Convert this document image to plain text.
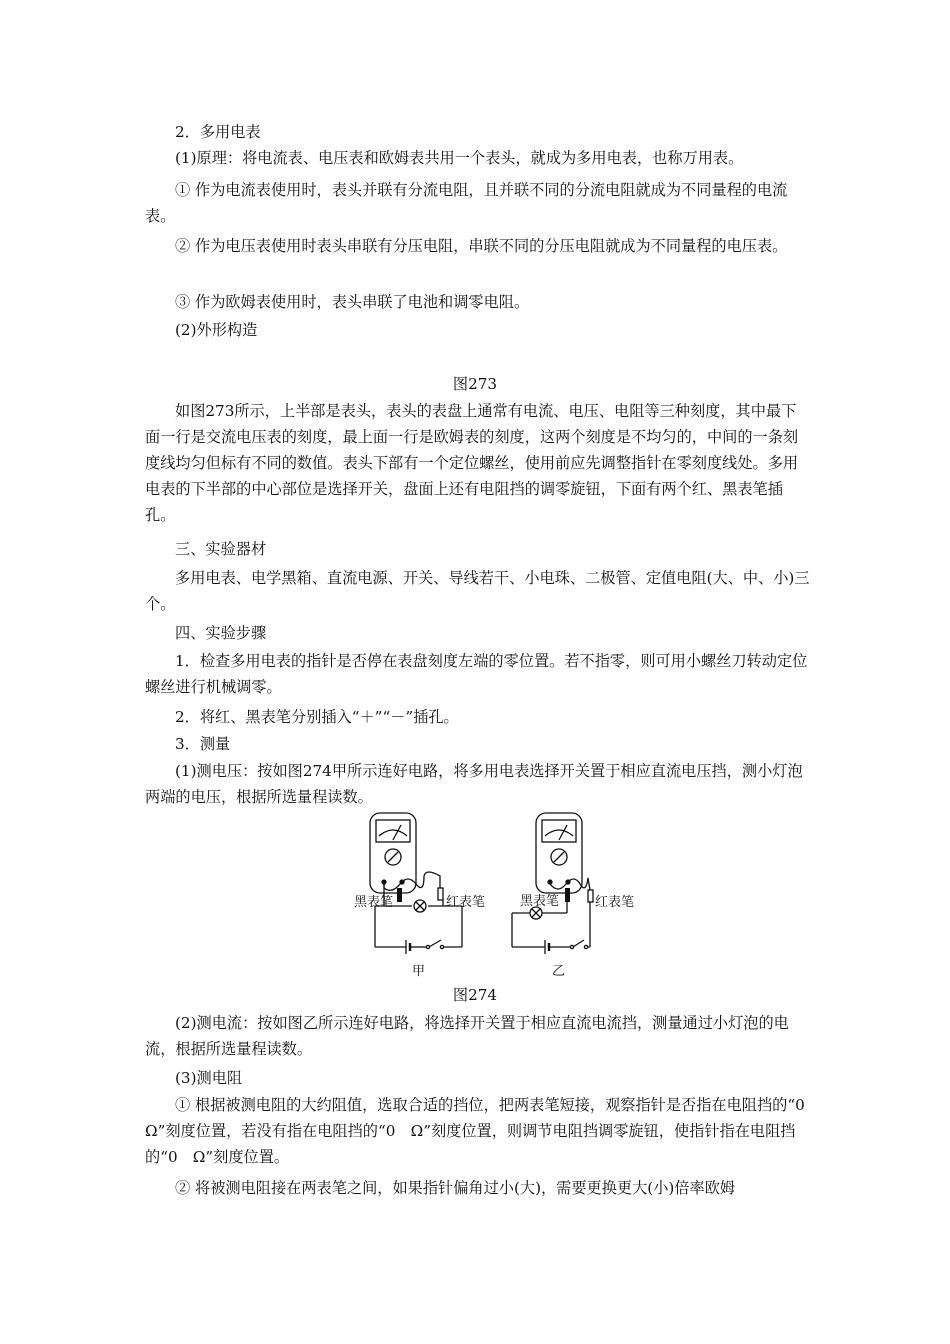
2．多用电表

(1)原理：将电流表、电压表和欧姆表共用一个表头，就成为多用电表，也称万用表。

① 作为电流表使用时，表头并联有分流电阻，且并联不同的分流电阻就成为不同量程的电流表。

② 作为电压表使用时表头串联有分压电阻，串联不同的分压电阻就成为不同量程的电压表。

③ 作为欧姆表使用时，表头串联了电池和调零电阻。

(2)外形构造

图273

如图273所示，上半部是表头，表头的表盘上通常有电流、电压、电阻等三种刻度，其中最下面一行是交流电压表的刻度，最上面一行是欧姆表的刻度，这两个刻度是不均匀的，中间的一条刻度线均匀但标有不同的数值。表头下部有一个定位螺丝，使用前应先调整指针在零刻度线处。多用电表的下半部的中心部位是选择开关，盘面上还有电阻挡的调零旋钮，下面有两个红、黑表笔插孔。

三、实验器材

多用电表、电学黑箱、直流电源、开关、导线若干、小电珠、二极管、定值电阻(大、中、小)三个。

四、实验步骤

1．检查多用电表的指针是否停在表盘刻度左端的零位置。若不指零，则可用小螺丝刀转动定位螺丝进行机械调零。

2．将红、黑表笔分别插入“＋”“－”插孔。

3．测量

(1)测电压：按如图274甲所示连好电路，将多用电表选择开关置于相应直流电压挡，测小灯泡两端的电压，根据所选量程读数。

黑表笔	红表笔
甲
黑表笔	红表笔
乙

图274

(2)测电流：按如图乙所示连好电路，将选择开关置于相应直流电流挡，测量通过小灯泡的电流，根据所选量程读数。

(3)测电阻

① 根据被测电阻的大约阻值，选取合适的挡位，把两表笔短接，观察指针是否指在电阻挡的“0　Ω”刻度位置，若没有指在电阻挡的“0　Ω”刻度位置，则调节电阻挡调零旋钮，使指针指在电阻挡的“0　Ω”刻度位置。

② 将被测电阻接在两表笔之间，如果指针偏角过小(大)，需要更换更大(小)倍率欧姆
